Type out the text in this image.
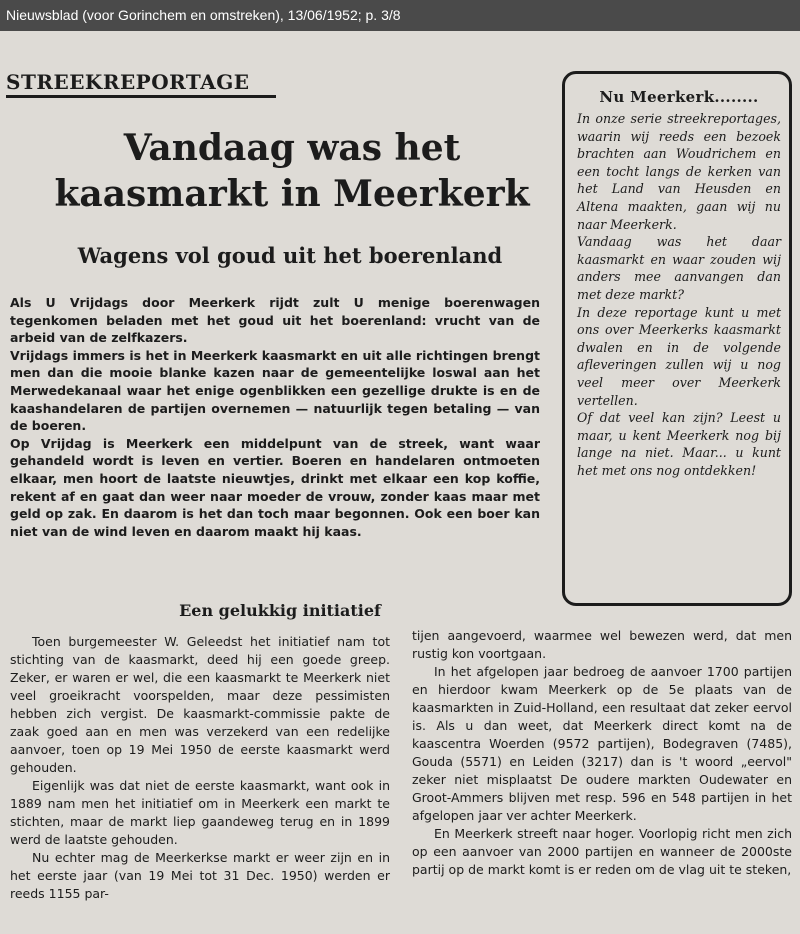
Nieuwsblad (voor Gorinchem en omstreken), 13/06/1952; p. 3/8
STREEKREPORTAGE
Vandaag was het
kaasmarkt in Meerkerk
Wagens vol goud uit het boerenland

Als U Vrijdags door Meerkerk rijdt zult U menige boerenwagen tegenkomen beladen met het goud uit het boerenland: vrucht van de arbeid van de zelfkazers.

Vrijdags immers is het in Meerkerk kaasmarkt en uit alle richtingen brengt men dan die mooie blanke kazen naar de gemeentelijke loswal aan het Merwedekanaal waar het enige ogenblikken een gezellige drukte is en de kaashandelaren de partijen overnemen — natuurlijk tegen betaling — van de boeren.

Op Vrijdag is Meerkerk een middelpunt van de streek, want waar gehandeld wordt is leven en vertier. Boeren en handelaren ontmoeten elkaar, men hoort de laatste nieuwtjes, drinkt met elkaar een kop koffie, rekent af en gaat dan weer naar moeder de vrouw, zonder kaas maar met geld op zak. En daarom is het dan toch maar begonnen. Ook een boer kan niet van de wind leven en daarom maakt hij kaas.

Nu Meerkerk........

In onze serie streekreportages, waarin wij reeds een bezoek brachten aan Woudrichem en een tocht langs de kerken van het Land van Heusden en Altena maakten, gaan wij nu naar Meerkerk.

Vandaag was het daar kaasmarkt en waar zouden wij anders mee aanvangen dan met deze markt?

In deze reportage kunt u met ons over Meerkerks kaasmarkt dwalen en in de volgende afleveringen zullen wij u nog veel meer over Meerkerk vertellen.

Of dat veel kan zijn? Leest u maar, u kent Meerkerk nog bij lange na niet. Maar... u kunt het met ons nog ontdekken!

Een gelukkig initiatief

Toen burgemeester W. Geleedst het initiatief nam tot stichting van de kaasmarkt, deed hij een goede greep. Zeker, er waren er wel, die een kaasmarkt te Meerkerk niet veel groeikracht voorspelden, maar deze pessimisten hebben zich vergist. De kaasmarkt-commissie pakte de zaak goed aan en men was verzekerd van een redelijke aanvoer, toen op 19 Mei 1950 de eerste kaasmarkt werd gehouden.

Eigenlijk was dat niet de eerste kaasmarkt, want ook in 1889 nam men het initiatief om in Meerkerk een markt te stichten, maar de markt liep gaandeweg terug en in 1899 werd de laatste gehouden.

Nu echter mag de Meerkerkse markt er weer zijn en in het eerste jaar (van 19 Mei tot 31 Dec. 1950) werden er reeds 1155 par-

tijen aangevoerd, waarmee wel bewezen werd, dat men rustig kon voortgaan.

In het afgelopen jaar bedroeg de aanvoer 1700 partijen en hierdoor kwam Meerkerk op de 5e plaats van de kaasmarkten in Zuid-Holland, een resultaat dat zeker eervol is. Als u dan weet, dat Meerkerk direct komt na de kaascentra Woerden (9572 partijen), Bodegraven (7485), Gouda (5571) en Leiden (3217) dan is 't woord „eervol" zeker niet misplaatst De oudere markten Oudewater en Groot-Ammers blijven met resp. 596 en 548 partijen in het afgelopen jaar ver achter Meerkerk.

En Meerkerk streeft naar hoger. Voorlopig richt men zich op een aanvoer van 2000 partijen en wanneer de 2000ste partij op de markt komt is er reden om de vlag uit te steken,
